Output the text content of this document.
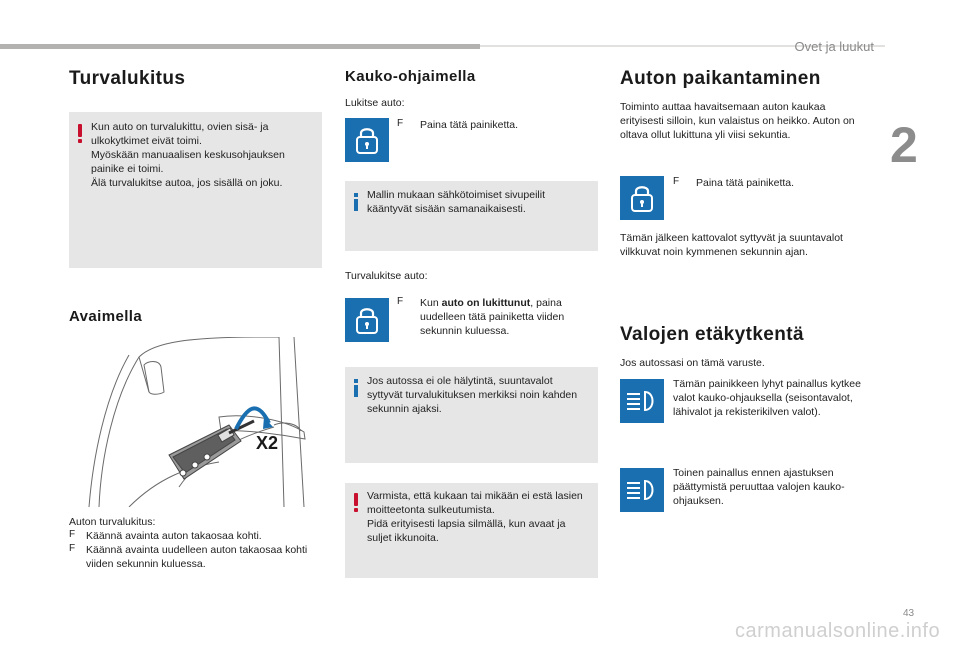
Ovet ja luukut
2
Turvalukitus
Kun auto on turvalukittu, ovien sisä- ja
ulkokytkimet eivät toimi.
Myöskään manuaalisen keskusohjauksen
painike ei toimi.
Älä turvalukitse autoa, jos sisällä on joku.
Avaimella
X2
Auton turvalukitus:
F Käännä avainta auton takaosaa kohti.
F Käännä avainta uudelleen auton takaosaa kohti
viiden sekunnin kuluessa.
Kauko-ohjaimella
Lukitse auto:
F Paina tätä painiketta.
Mallin mukaan sähkötoimiset sivupeilit
kääntyvät sisään samanaikaisesti.
Turvalukitse auto:
F Kun auto on lukittunut, paina
uudelleen tätä painiketta viiden
sekunnin kuluessa.
Jos autossa ei ole hälytintä, suuntavalot
syttyvät turvalukituksen merkiksi noin kahden
sekunnin ajaksi.
Varmista, että kukaan tai mikään ei estä lasien
moitteetonta sulkeutumista.
Pidä erityisesti lapsia silmällä, kun avaat ja
suljet ikkunoita.
Auton paikantaminen
Toiminto auttaa havaitsemaan auton kaukaa
erityisesti silloin, kun valaistus on heikko. Auton on
oltava ollut lukittuna yli viisi sekuntia.
F Paina tätä painiketta.
Tämän jälkeen kattovalot syttyvät ja suuntavalot
vilkkuvat noin kymmenen sekunnin ajan.
Valojen etäkytkentä
Jos autossasi on tämä varuste.
Tämän painikkeen lyhyt painallus kytkee
valot kauko-ohjauksella (seisontavalot,
lähivalot ja rekisterikilven valot).
Toinen painallus ennen ajastuksen
päättymistä peruuttaa valojen kauko-
ohjauksen.
43
carmanualsonline.info
